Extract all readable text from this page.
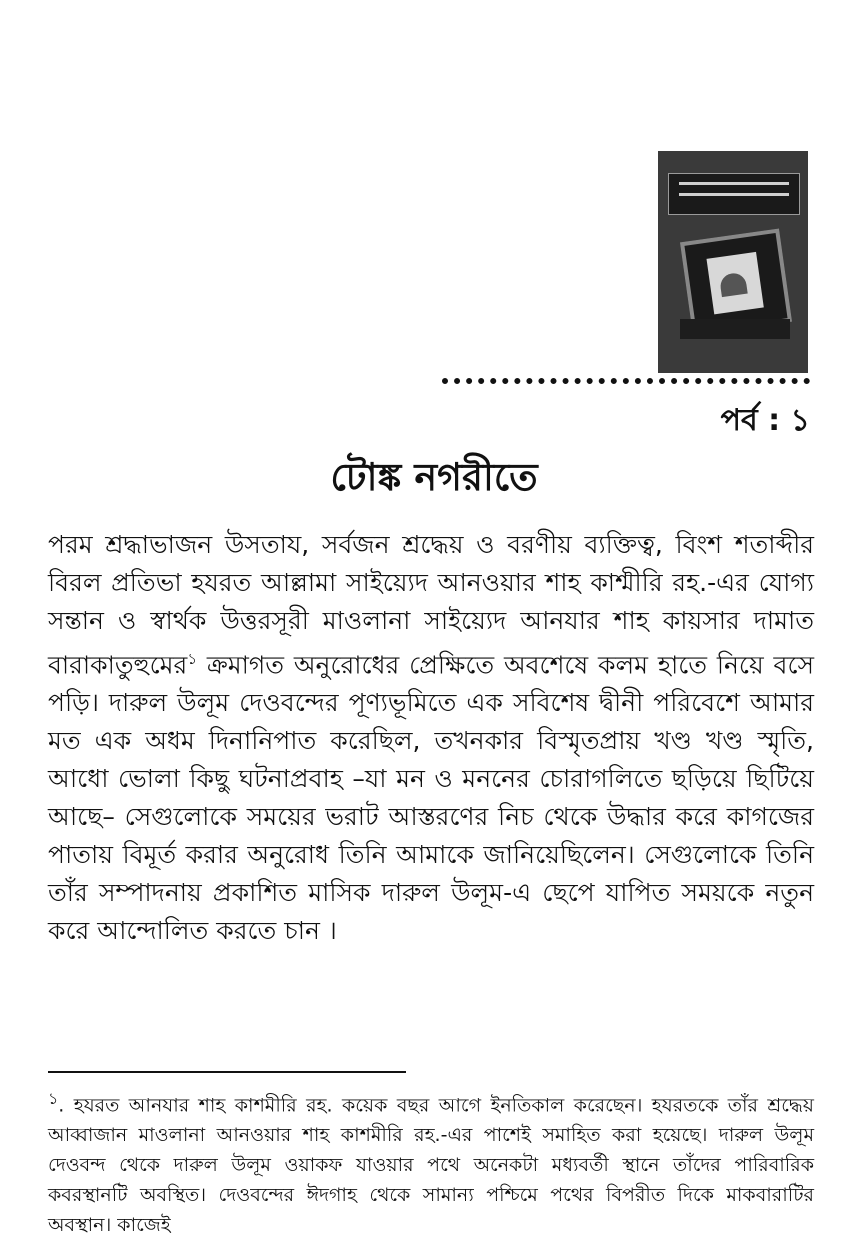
পর্ব : ১
টোঙ্ক নগরীতে
পরম শ্রদ্ধাভাজন উসতায, সর্বজন শ্রদ্ধেয় ও বরণীয় ব্যক্তিত্ব, বিংশ শতাব্দীর বিরল প্রতিভা হযরত আল্লামা সাইয়্যেদ আনওয়ার শাহ কাশ্মীরি রহ.-এর যোগ্য সন্তান ও স্বার্থক উত্তরসূরী মাওলানা সাইয়্যেদ আনযার শাহ কায়সার দামাত বারাকাতুহুমের$^১$ ক্রমাগত অনুরোধের প্রেক্ষিতে অবশেষে কলম হাতে নিয়ে বসে পড়ি। দারুল উলূম দেওবন্দের পূণ্যভূমিতে এক সবিশেষ দ্বীনী পরিবেশে আমার মত এক অধম দিনানিপাত করেছিল, তখনকার বিস্মৃতপ্রায় খণ্ড খণ্ড স্মৃতি, আধো ভোলা কিছু ঘটনাপ্রবাহ –যা মন ও মননের চোরাগলিতে ছড়িয়ে ছিটিয়ে আছে– সেগুলোকে সময়ের ভরাট আস্তরণের নিচ থেকে উদ্ধার করে কাগজের পাতায় বিমূর্ত করার অনুরোধ তিনি আমাকে জানিয়েছিলেন। সেগুলোকে তিনি তাঁর সম্পাদনায় প্রকাশিত মাসিক দারুল উলূম-এ ছেপে যাপিত সময়কে নতুন করে আন্দোলিত করতে চান ।
$^১$. হযরত আনযার শাহ কাশমীরি রহ. কয়েক বছর আগে ইনতিকাল করেছেন। হযরতকে তাঁর শ্রদ্ধেয় আব্বাজান মাওলানা আনওয়ার শাহ কাশমীরি রহ.-এর পাশেই সমাহিত করা হয়েছে। দারুল উলূম দেওবন্দ থেকে দারুল উলূম ওয়াকফ যাওয়ার পথে অনেকটা মধ্যবর্তী স্থানে তাঁদের পারিবারিক কবরস্থানটি অবস্থিত। দেওবন্দের ঈদগাহ থেকে সামান্য পশ্চিমে পথের বিপরীত দিকে মাকবারাটির অবস্থান। কাজেই
